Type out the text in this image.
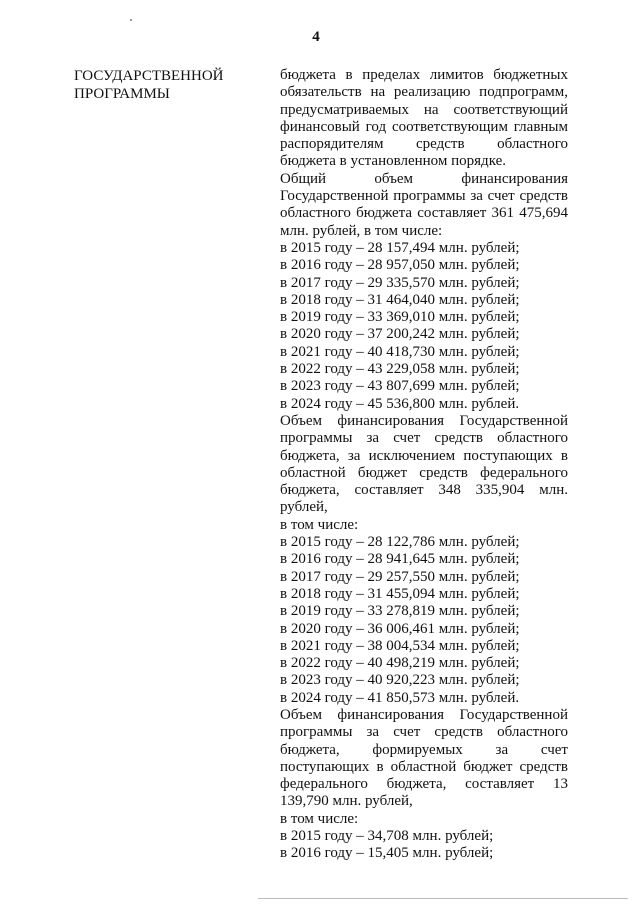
4
ГОСУДАРСТВЕННОЙ
ПРОГРАММЫ
бюджета в пределах лимитов бюджетных обязательств на реализацию подпрограмм, предусматриваемых на соответствующий финансовый год соответствующим главным распорядителям средств областного бюджета в установленном порядке.
Общий объем финансирования Государственной программы за счет средств областного бюджета составляет 361 475,694 млн. рублей, в том числе:
в 2015 году – 28 157,494 млн. рублей;
в 2016 году – 28 957,050 млн. рублей;
в 2017 году – 29 335,570 млн. рублей;
в 2018 году – 31 464,040 млн. рублей;
в 2019 году – 33 369,010 млн. рублей;
в 2020 году – 37 200,242 млн. рублей;
в 2021 году – 40 418,730 млн. рублей;
в 2022 году – 43 229,058 млн. рублей;
в 2023 году – 43 807,699 млн. рублей;
в 2024 году – 45 536,800 млн. рублей.
Объем финансирования Государственной программы за счет средств областного бюджета, за исключением поступающих в областной бюджет средств федерального бюджета, составляет 348 335,904 млн. рублей,
в том числе:
в 2015 году – 28 122,786 млн. рублей;
в 2016 году – 28 941,645 млн. рублей;
в 2017 году – 29 257,550 млн. рублей;
в 2018 году – 31 455,094 млн. рублей;
в 2019 году – 33 278,819 млн. рублей;
в 2020 году – 36 006,461 млн. рублей;
в 2021 году – 38 004,534 млн. рублей;
в 2022 году – 40 498,219 млн. рублей;
в 2023 году – 40 920,223 млн. рублей;
в 2024 году – 41 850,573 млн. рублей.
Объем финансирования Государственной программы за счет средств областного бюджета, формируемых за счет поступающих в областной бюджет средств федерального бюджета, составляет 13 139,790 млн. рублей,
в том числе:
в 2015 году – 34,708 млн. рублей;
в 2016 году – 15,405 млн. рублей;
